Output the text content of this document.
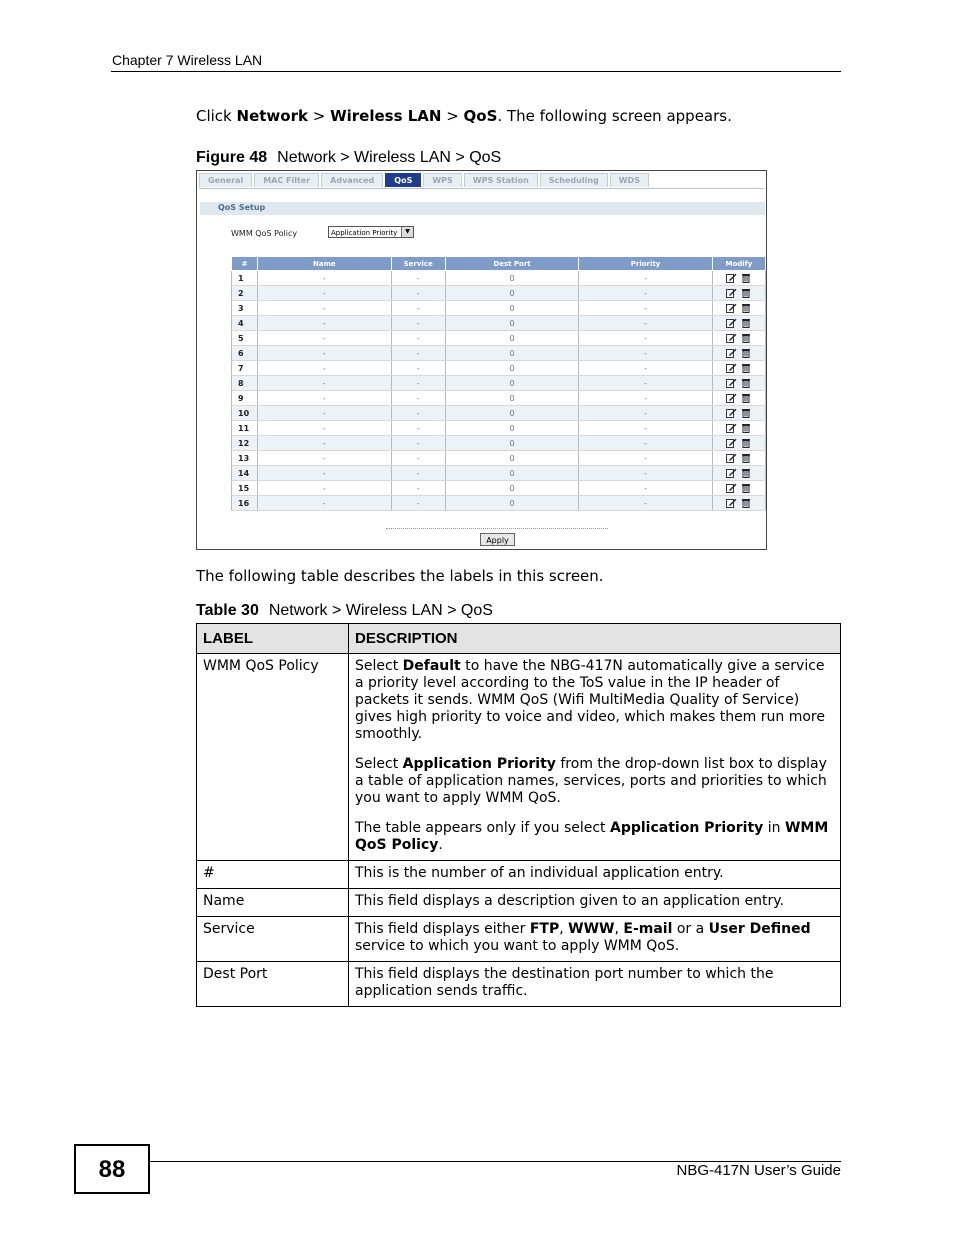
Chapter 7 Wireless LAN
Click Network > Wireless LAN > QoS. The following screen appears.
Figure 48 Network > Wireless LAN > QoS
General	MAC Filter	Advanced	QoS	WPS	WPS Station	Scheduling	WDS
QoS Setup
WMM QoS Policy	Application Priority	▼
#	Name	Service	Dest Port	Priority	Modify
1	-	-	0	-	
2	-	-	0	-	
3	-	-	0	-	
4	-	-	0	-	
5	-	-	0	-	
6	-	-	0	-	
7	-	-	0	-	
8	-	-	0	-	
9	-	-	0	-	
10	-	-	0	-	
11	-	-	0	-	
12	-	-	0	-	
13	-	-	0	-	
14	-	-	0	-	
15	-	-	0	-	
16	-	-	0	-	
Apply
The following table describes the labels in this screen.
Table 30 Network > Wireless LAN > QoS
LABEL	DESCRIPTION
WMM QoS Policy	Select Default to have the NBG-417N automatically give a service a priority level according to the ToS value in the IP header of packets it sends. WMM QoS (Wifi MultiMedia Quality of Service) gives high priority to voice and video, which makes them run more smoothly.

Select Application Priority from the drop-down list box to display a table of application names, services, ports and priorities to which you want to apply WMM QoS.

The table appears only if you select Application Priority in WMM QoS Policy.

#	This is the number of an individual application entry.
Name	This field displays a description given to an application entry.
Service	This field displays either FTP, WWW, E-mail or a User Defined service to which you want to apply WMM QoS.
Dest Port	This field displays the destination port number to which the application sends traffic.
88	NBG-417N User’s Guide
